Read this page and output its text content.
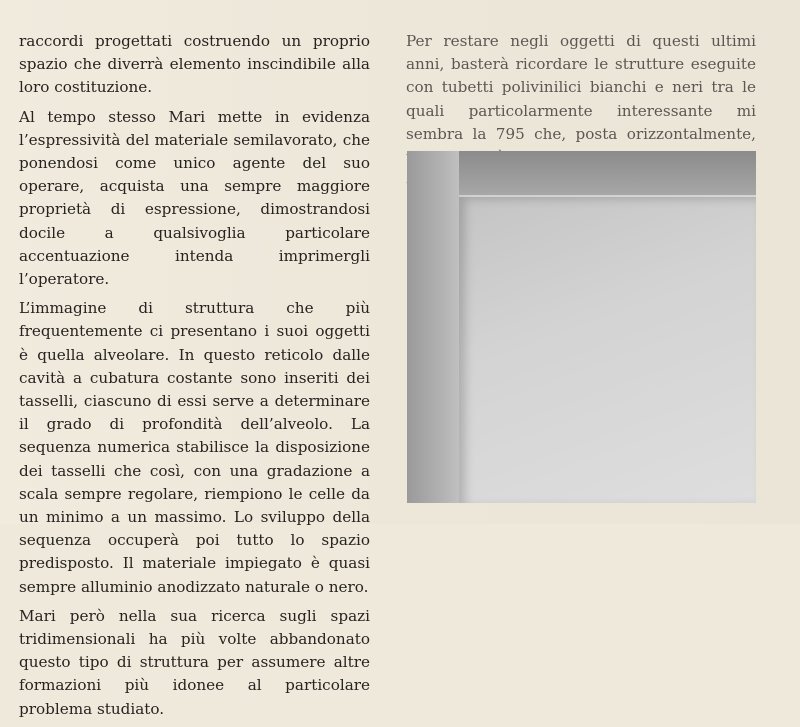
raccordi progettati costruendo un proprio spazio che diverrà elemento inscindibile alla loro costituzione.

Al tempo stesso Mari mette in evidenza l’espressività del materiale semilavorato, che ponendosi come unico agente del suo operare, acquista una sempre maggiore proprietà di espressione, dimostrandosi docile a qualsivoglia particolare accentuazione intenda imprimergli l’operatore.

L’immagine di struttura che più frequentemente ci presentano i suoi oggetti è quella alveolare. In questo reticolo dalle cavità a cubatura costante sono inseriti dei tasselli, ciascuno di essi serve a determinare il grado di profondità dell’alveolo. La sequenza numerica stabilisce la disposizione dei tasselli che così, con una gradazione a scala sempre regolare, riempiono le celle da un minimo a un massimo. Lo sviluppo della sequenza occuperà poi tutto lo spazio predisposto. Il materiale impiegato è quasi sempre alluminio anodizzato naturale o nero.

Mari però nella sua ricerca sugli spazi tridimensionali ha più volte abbandonato questo tipo di struttura per assumere altre formazioni più idonee al particolare problema studiato.

Per restare negli oggetti di questi ultimi anni, basterà ricordare le strutture eseguite con tubetti polivinilici bianchi e neri tra le quali particolarmente interessante mi sembra la 795 che, posta orizzontalmente,
